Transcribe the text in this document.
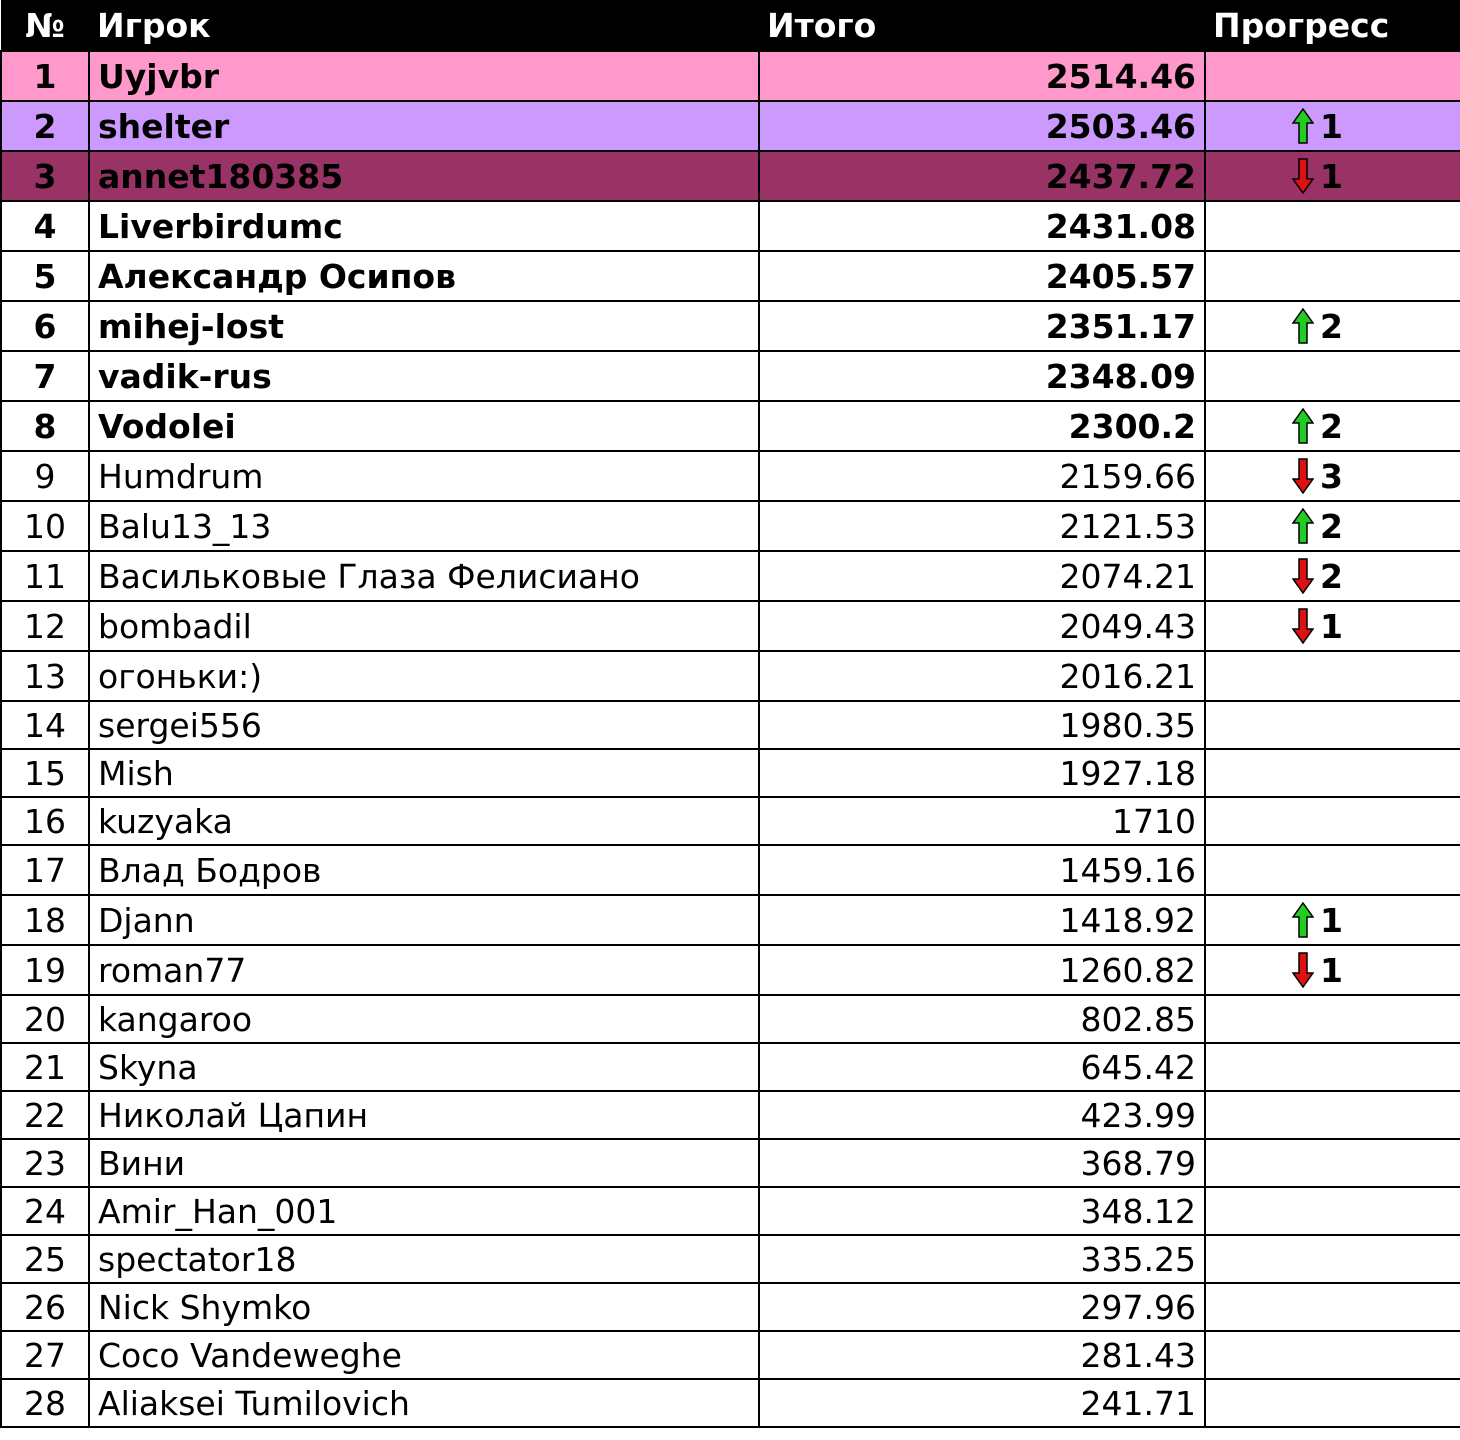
№	Игрок	Итого	Прогресс
1	Uyjvbr	2514.46	
2	shelter	2503.46	1
3	annet180385	2437.72	1
4	Liverbirdumc	2431.08	
5	Александр Осипов	2405.57	
6	mihej-lost	2351.17	2
7	vadik-rus	2348.09	
8	Vodolei	2300.2	2
9	Humdrum	2159.66	3
10	Balu13_13	2121.53	2
11	Васильковые Глаза Фелисиано	2074.21	2
12	bombadil	2049.43	1
13	огоньки:)	2016.21	
14	sergei556	1980.35	
15	Mish	1927.18	
16	kuzyaka	1710	
17	Влад Бодров	1459.16	
18	Djann	1418.92	1
19	roman77	1260.82	1
20	kangaroo	802.85	
21	Skyna	645.42	
22	Николай Цапин	423.99	
23	Вини	368.79	
24	Amir_Han_001	348.12	
25	spectator18	335.25	
26	Nick Shymko	297.96	
27	Coco Vandeweghe	281.43	
28	Aliaksei Tumilovich	241.71	
